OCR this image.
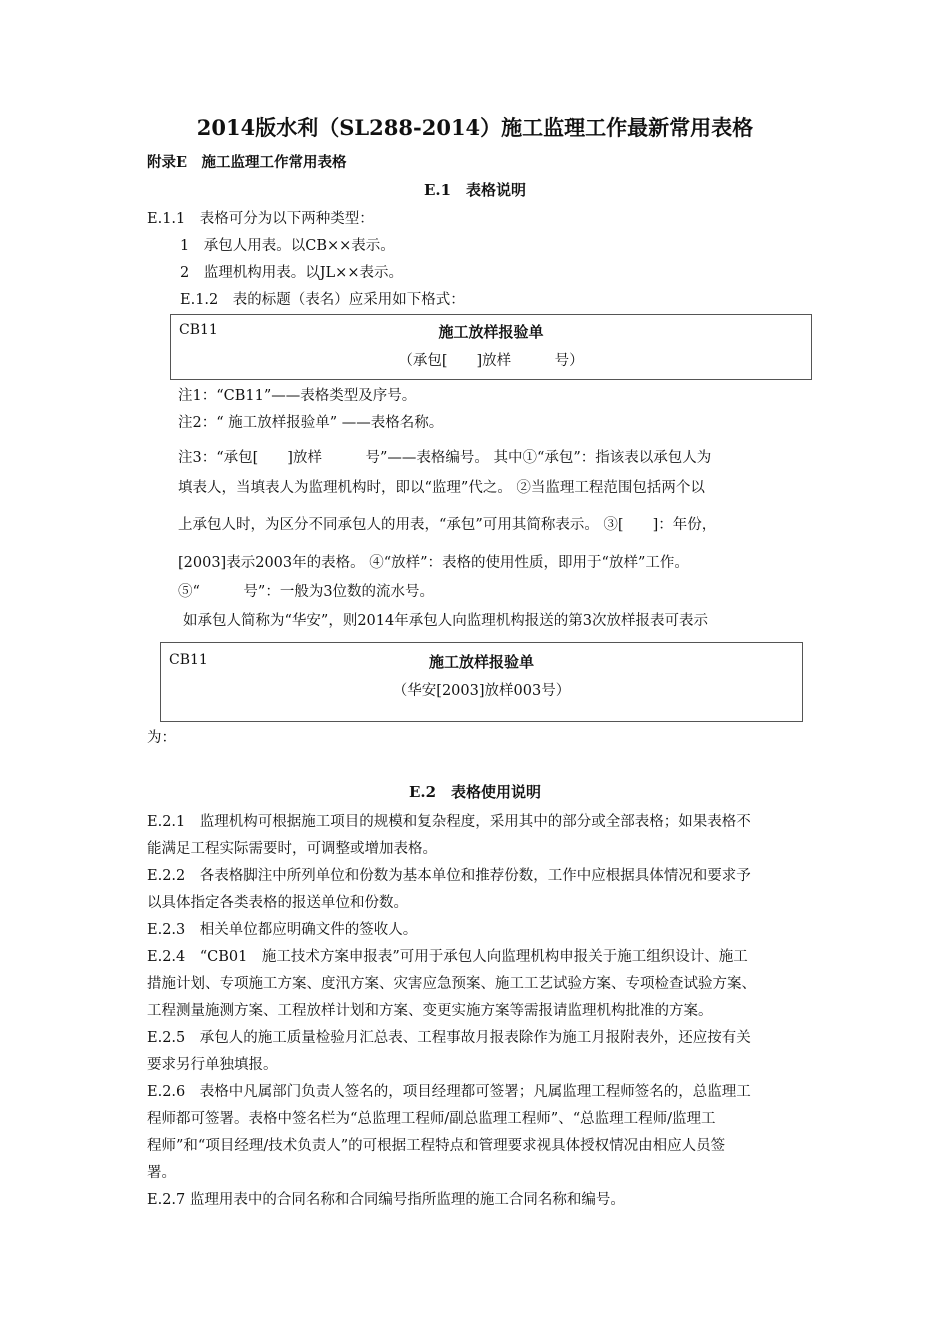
2014版水利（SL288-2014）施工监理工作最新常用表格
附录E　施工监理工作常用表格
E.1　表格说明
E.1.1　表格可分为以下两种类型：
1　承包人用表。以CB××表示。
2　监理机构用表。以JL××表示。
E.1.2　表的标题（表名）应采用如下格式：
CB11	施工放样报验单
（承包[　　]放样　　　号）
注1：“CB11”——表格类型及序号。
注2：“ 施工放样报验单” ——表格名称。
注3：“承包[　　]放样　　　号”——表格编号。 其中①“承包”：指该表以承包人为
填表人，当填表人为监理机构时，即以“监理”代之。 ②当监理工程范围包括两个以
上承包人时，为区分不同承包人的用表，“承包”可用其简称表示。 ③[　　]：年份，
[2003]表示2003年的表格。 ④“放样”：表格的使用性质，即用于“放样”工作。
⑤“　　　号”：一般为3位数的流水号。
如承包人简称为“华安”，则2014年承包人向监理机构报送的第3次放样报表可表示
CB11	施工放样报验单
（华安[2003]放样003号）
为：
E.2　表格使用说明
E.2.1　监理机构可根据施工项目的规模和复杂程度，采用其中的部分或全部表格；如果表格不
能满足工程实际需要时，可调整或增加表格。
E.2.2　各表格脚注中所列单位和份数为基本单位和推荐份数，工作中应根据具体情况和要求予
以具体指定各类表格的报送单位和份数。
E.2.3　相关单位都应明确文件的签收人。
E.2.4　“CB01　施工技术方案申报表”可用于承包人向监理机构申报关于施工组织设计、施工
措施计划、专项施工方案、度汛方案、灾害应急预案、施工工艺试验方案、专项检查试验方案、
工程测量施测方案、工程放样计划和方案、变更实施方案等需报请监理机构批准的方案。
E.2.5　承包人的施工质量检验月汇总表、工程事故月报表除作为施工月报附表外，还应按有关
要求另行单独填报。
E.2.6　表格中凡属部门负责人签名的，项目经理都可签署；凡属监理工程师签名的，总监理工
程师都可签署。表格中签名栏为“总监理工程师/副总监理工程师”、“总监理工程师/监理工
程师”和“项目经理/技术负责人”的可根据工程特点和管理要求视具体授权情况由相应人员签
署。
E.2.7 监理用表中的合同名称和合同编号指所监理的施工合同名称和编号。
